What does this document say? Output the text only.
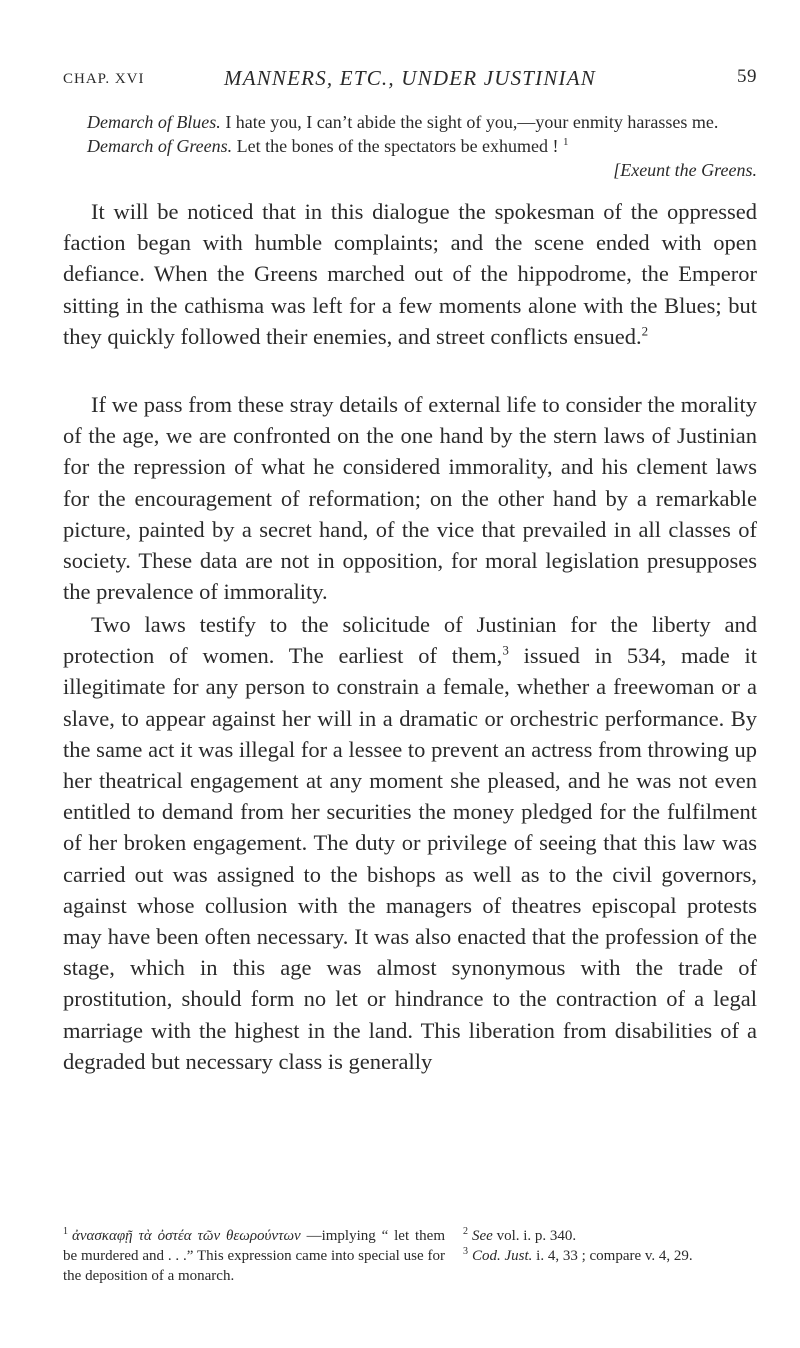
CHAP. XVI	MANNERS, ETC., UNDER JUSTINIAN	59

Demarch of Blues. I hate you, I can’t abide the sight of you,—your enmity harasses me.

Demarch of Greens. Let the bones of the spectators be exhumed ! $^1$

[Exeunt the Greens.

It will be noticed that in this dialogue the spokesman of the oppressed faction began with humble complaints; and the scene ended with open defiance. When the Greens marched out of the hippodrome, the Emperor sitting in the cathisma was left for a few moments alone with the Blues; but they quickly followed their enemies, and street conflicts ensued.$^2$

If we pass from these stray details of external life to consider the morality of the age, we are confronted on the one hand by the stern laws of Justinian for the repression of what he considered immorality, and his clement laws for the encouragement of reformation; on the other hand by a remarkable picture, painted by a secret hand, of the vice that prevailed in all classes of society. These data are not in opposition, for moral legislation presupposes the prevalence of immorality.

Two laws testify to the solicitude of Justinian for the liberty and protection of women. The earliest of them,$^3$ issued in 534, made it illegitimate for any person to constrain a female, whether a freewoman or a slave, to appear against her will in a dramatic or orchestric performance. By the same act it was illegal for a lessee to prevent an actress from throwing up her theatrical engagement at any moment she pleased, and he was not even entitled to demand from her securities the money pledged for the fulfilment of her broken engagement. The duty or privilege of seeing that this law was carried out was assigned to the bishops as well as to the civil governors, against whose collusion with the managers of theatres episcopal protests may have been often necessary. It was also enacted that the profession of the stage, which in this age was almost synonymous with the trade of prostitution, should form no let or hindrance to the contraction of a legal marriage with the highest in the land. This liberation from disabilities of a degraded but necessary class is generally

$^1$ ἀνασκαφῇ τὰ ὀστέα τῶν θεωρούντων —implying “ let them be murdered and . . .” This expression came into special use for the deposition of a monarch.

$^2$ See vol. i. p. 340.

$^3$ Cod. Just. i. 4, 33 ; compare v. 4, 29.
